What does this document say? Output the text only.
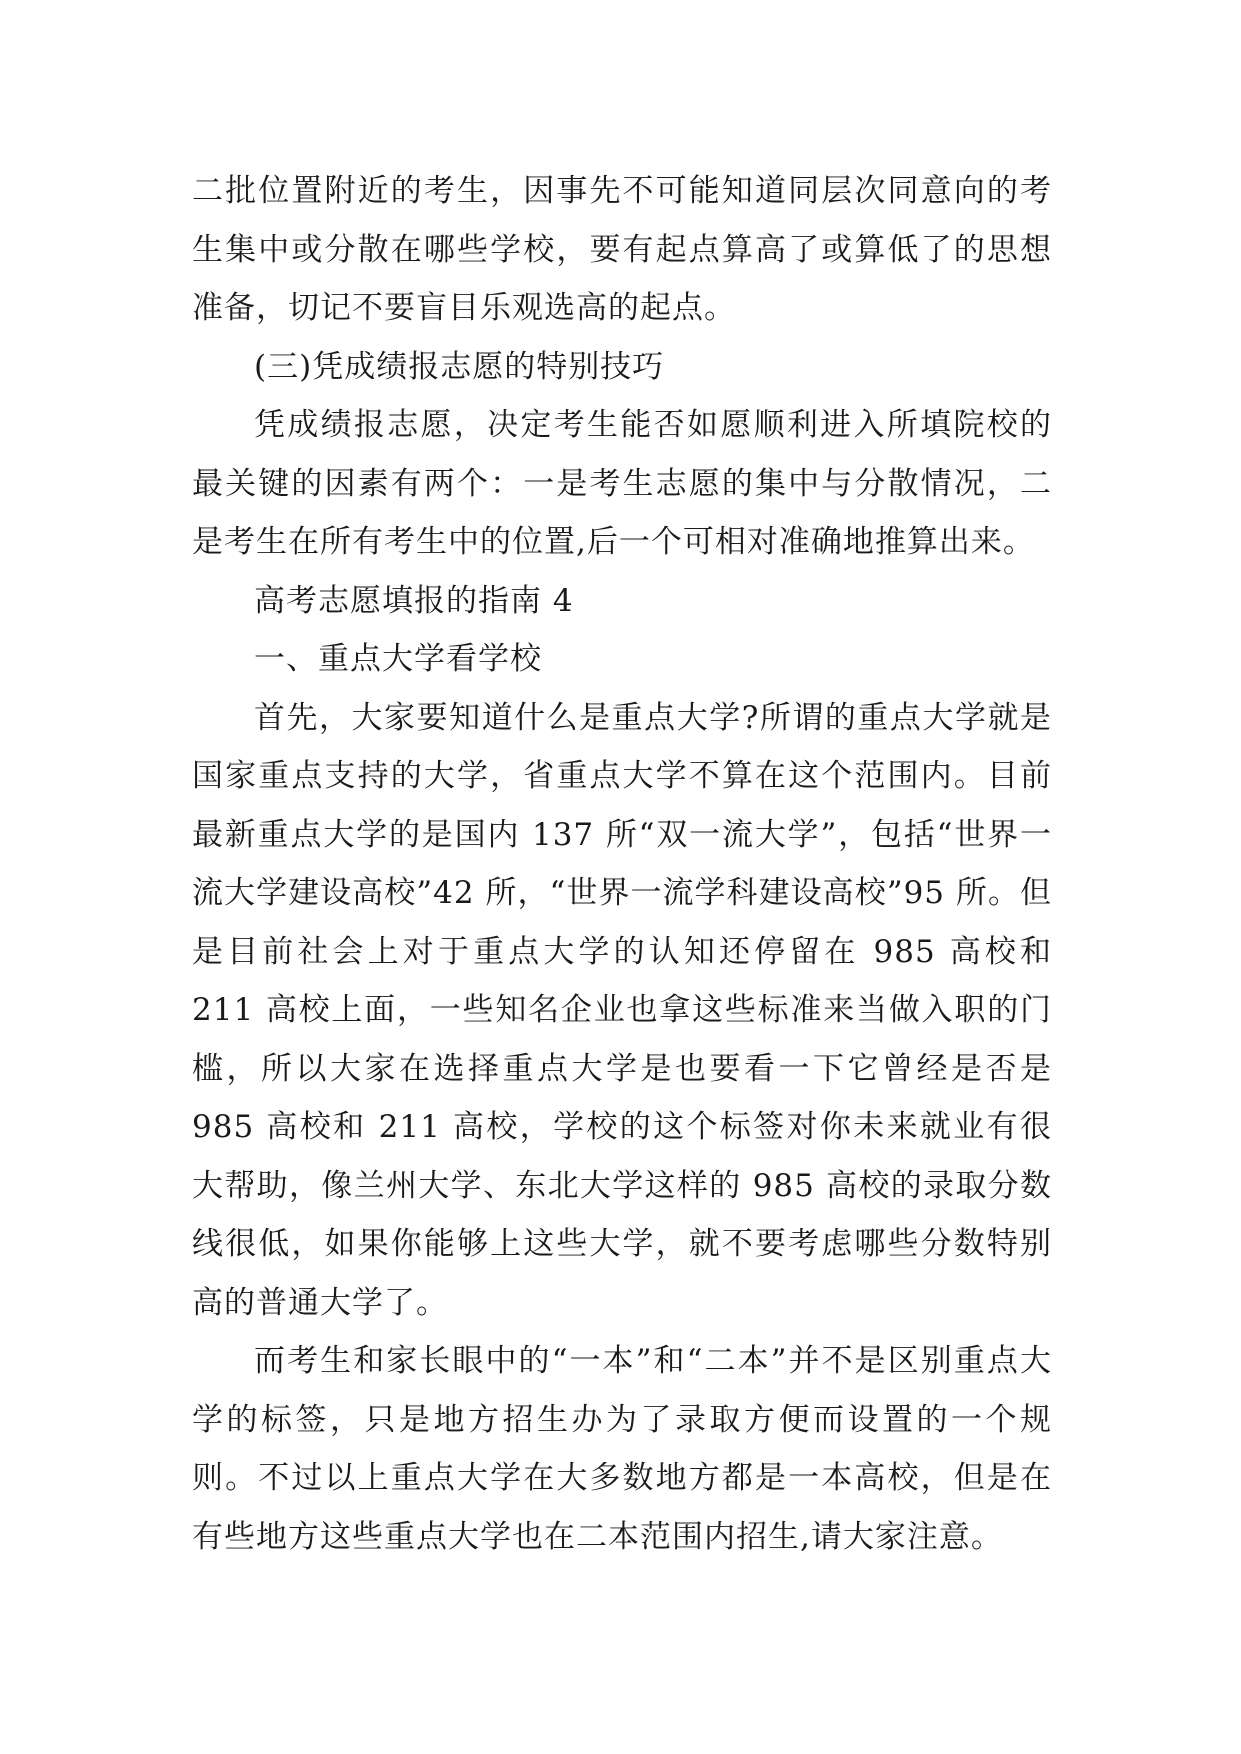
二批位置附近的考生，因事先不可能知道同层次同意向的考生集中或分散在哪些学校，要有起点算高了或算低了的思想准备，切记不要盲目乐观选高的起点。

(三)凭成绩报志愿的特别技巧

凭成绩报志愿，决定考生能否如愿顺利进入所填院校的最关键的因素有两个：一是考生志愿的集中与分散情况，二是考生在所有考生中的位置,后一个可相对准确地推算出来。

高考志愿填报的指南 4

一、重点大学看学校

首先，大家要知道什么是重点大学?所谓的重点大学就是国家重点支持的大学，省重点大学不算在这个范围内。目前最新重点大学的是国内 137 所“双一流大学”，包括“世界一流大学建设高校”42 所，“世界一流学科建设高校”95 所。但是目前社会上对于重点大学的认知还停留在 985 高校和 211 高校上面，一些知名企业也拿这些标准来当做入职的门槛，所以大家在选择重点大学是也要看一下它曾经是否是 985 高校和 211 高校，学校的这个标签对你未来就业有很大帮助，像兰州大学、东北大学这样的 985 高校的录取分数线很低，如果你能够上这些大学，就不要考虑哪些分数特别高的普通大学了。

而考生和家长眼中的“一本”和“二本”并不是区别重点大学的标签，只是地方招生办为了录取方便而设置的一个规则。不过以上重点大学在大多数地方都是一本高校，但是在有些地方这些重点大学也在二本范围内招生,请大家注意。
